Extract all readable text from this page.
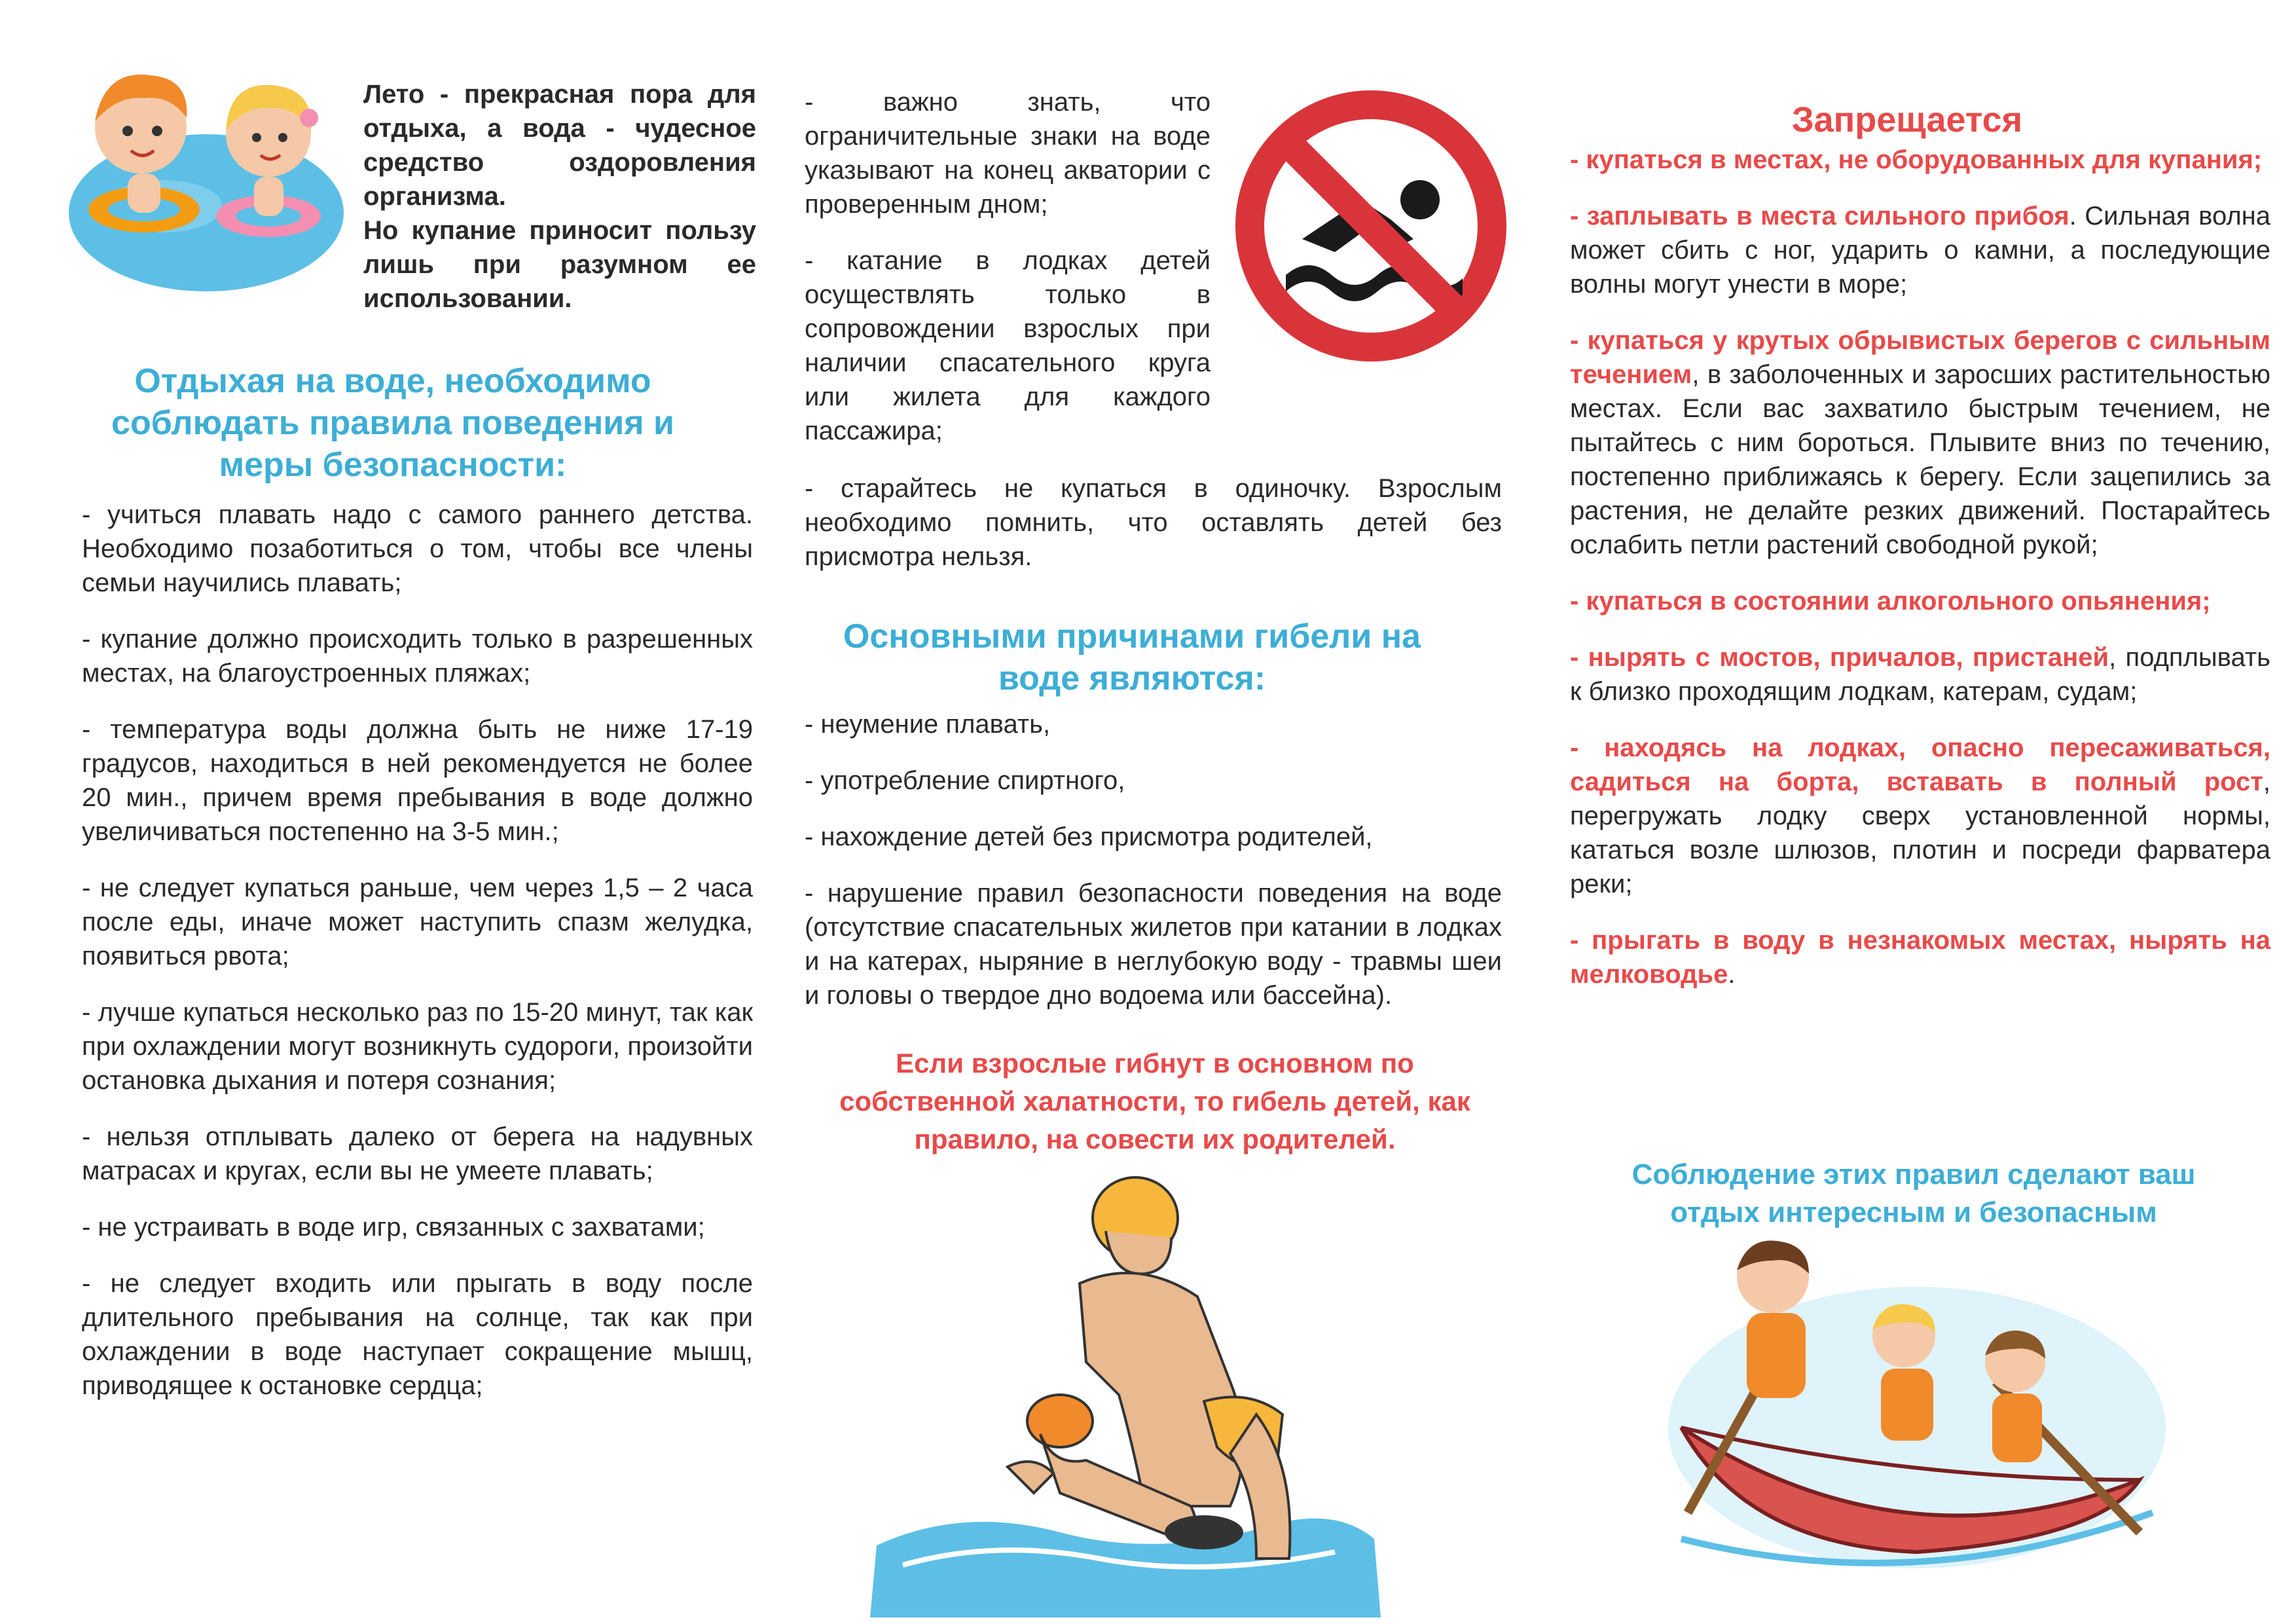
Лето - прекрасная пора для отдыха, а вода - чудесное средство оздоровления организма.
Но купание приносит пользу лишь при разумном ее использовании.
Отдыхая на воде, необходимо соблюдать правила поведения и меры безопасности:

- учиться плавать надо с самого раннего детства. Необходимо позаботиться о том, чтобы все члены семьи научились плавать;

- купание должно происходить только в разрешенных местах, на благоустроенных пляжах;

- температура воды должна быть не ниже 17-19 градусов, находиться в ней рекомендуется не более 20 мин., причем время пребывания в воде должно увеличиваться постепенно на 3-5 мин.;

- не следует купаться раньше, чем через 1,5 – 2 часа после еды, иначе может наступить спазм желудка, появиться рвота;

- лучше купаться несколько раз по 15-20 минут, так как при охлаждении могут возникнуть судороги, произойти остановка дыхания и потеря сознания;

- нельзя отплывать далеко от берега на надувных матрасах и кругах, если вы не умеете плавать;

- не устраивать в воде игр, связанных с захватами;

- не следует входить или прыгать в воду после длительного пребывания на солнце, так как при охлаждении в воде наступает сокращение мышц, приводящее к остановке сердца;

- важно знать, что ограничительные знаки на воде указывают на конец акватории с проверенным дном;

- катание в лодках детей осуществлять только в сопровождении взрослых при наличии спасательного круга или жилета для каждого пассажира;

- старайтесь не купаться в одиночку. Взрослым необходимо помнить, что оставлять детей без присмотра нельзя.
Основными причинами гибели на воде являются:

- неумение плавать,

- употребление спиртного,

- нахождение детей без присмотра родителей,

- нарушение правил безопасности поведения на воде (отсутствие спасательных жилетов при катании в лодках и на катерах, ныряние в неглубокую воду - травмы шеи и головы о твердое дно водоема или бассейна).

Если взрослые гибнут в основном по собственной халатности, то гибель детей, как правило, на совести их родителей.
Запрещается

- купаться в местах, не оборудованных для купания;

- заплывать в места сильного прибоя. Сильная волна может сбить с ног, ударить о камни, а последующие волны могут унести в море;

- купаться у крутых обрывистых берегов с сильным течением, в заболоченных и заросших растительностью местах. Если вас захватило быстрым течением, не пытайтесь с ним бороться. Плывите вниз по течению, постепенно приближаясь к берегу. Если зацепились за растения, не делайте резких движений. Постарайтесь ослабить петли растений свободной рукой;

- купаться в состоянии алкогольного опьянения;

- нырять с мостов, причалов, пристаней, подплывать к близко проходящим лодкам, катерам, судам;

- находясь на лодках, опасно пересаживаться, садиться на борта, вставать в полный рост, перегружать лодку сверх установленной нормы, кататься возле шлюзов, плотин и посреди фарватера реки;

- прыгать в воду в незнакомых местах, нырять на мелководье.

Соблюдение этих правил сделают ваш отдых интересным и безопасным
